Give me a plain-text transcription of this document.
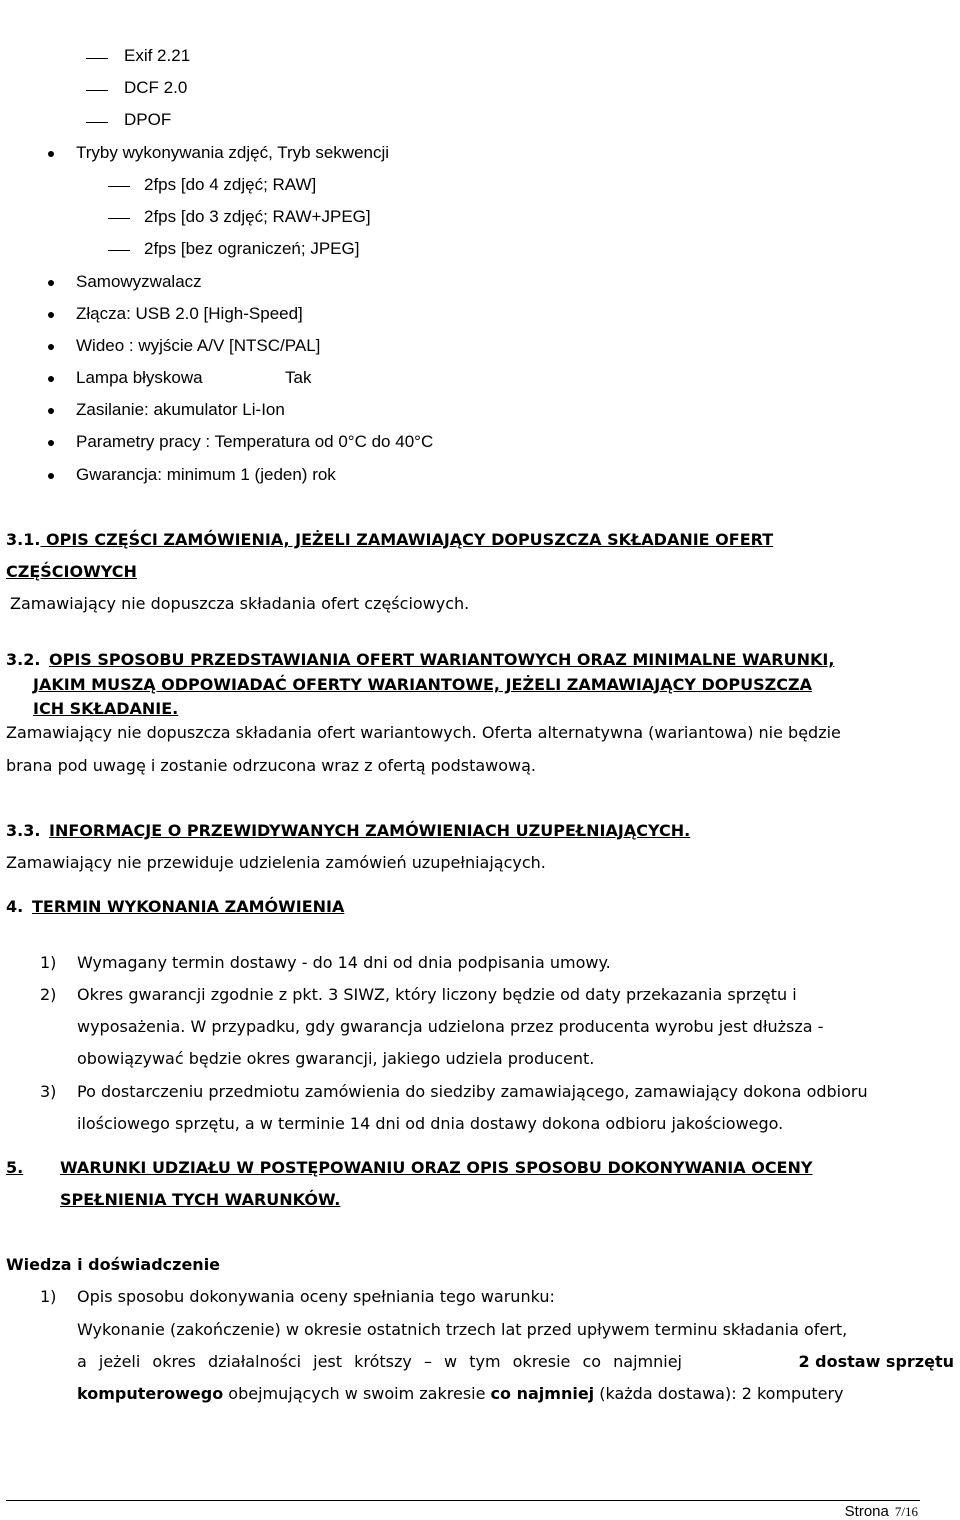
Exif 2.21
DCF 2.0
DPOF
Tryby wykonywania zdjęć, Tryb sekwencji
2fps [do 4 zdjęć; RAW]
2fps [do 3 zdjęć; RAW+JPEG]
2fps [bez ograniczeń; JPEG]
Samowyzwalacz
Złącza: USB 2.0 [High-Speed]
Wideo : wyjście A/V [NTSC/PAL]
Lampa błyskowa	Tak
Zasilanie: akumulator Li-Ion
Parametry pracy : Temperatura od 0°C do 40°C
Gwarancja: minimum 1 (jeden) rok
3.1. OPIS CZĘŚCI ZAMÓWIENIA, JEŻELI ZAMAWIAJĄCY DOPUSZCZA SKŁADANIE OFERT
CZĘŚCIOWYCH
Zamawiający nie dopuszcza składania ofert częściowych.
3.2. OPIS SPOSOBU PRZEDSTAWIANIA OFERT WARIANTOWYCH ORAZ MINIMALNE WARUNKI,
JAKIM MUSZĄ ODPOWIADAĆ OFERTY WARIANTOWE, JEŻELI ZAMAWIAJĄCY DOPUSZCZA
ICH SKŁADANIE.
Zamawiający nie dopuszcza składania ofert wariantowych. Oferta alternatywna (wariantowa) nie będzie
brana pod uwagę i zostanie odrzucona wraz z ofertą podstawową.
3.3. INFORMACJE O PRZEWIDYWANYCH ZAMÓWIENIACH UZUPEŁNIAJĄCYCH.
Zamawiający nie przewiduje udzielenia zamówień uzupełniających.
4. TERMIN WYKONANIA ZAMÓWIENIA
1) Wymagany termin dostawy - do 14 dni od dnia podpisania umowy.
2) Okres gwarancji zgodnie z pkt. 3 SIWZ, który liczony będzie od daty przekazania sprzętu i
wyposażenia. W przypadku, gdy gwarancja udzielona przez producenta wyrobu jest dłuższa -
obowiązywać będzie okres gwarancji, jakiego udziela producent.
3) Po dostarczeniu przedmiotu zamówienia do siedziby zamawiającego, zamawiający dokona odbioru
ilościowego sprzętu, a w terminie 14 dni od dnia dostawy dokona odbioru jakościowego.
5.	WARUNKI UDZIAŁU W POSTĘPOWANIU ORAZ OPIS SPOSOBU DOKONYWANIA OCENY
SPEŁNIENIA TYCH WARUNKÓW.
Wiedza i doświadczenie
1) Opis sposobu dokonywania oceny spełniania tego warunku:
Wykonanie (zakończenie) w okresie ostatnich trzech lat przed upływem terminu składania ofert,
a jeżeli okres działalności jest krótszy – w tym okresie co najmniej	2 dostaw sprzętu
komputerowego obejmujących w swoim zakresie co najmniej (każda dostawa): 2 komputery
Strona 7/16
